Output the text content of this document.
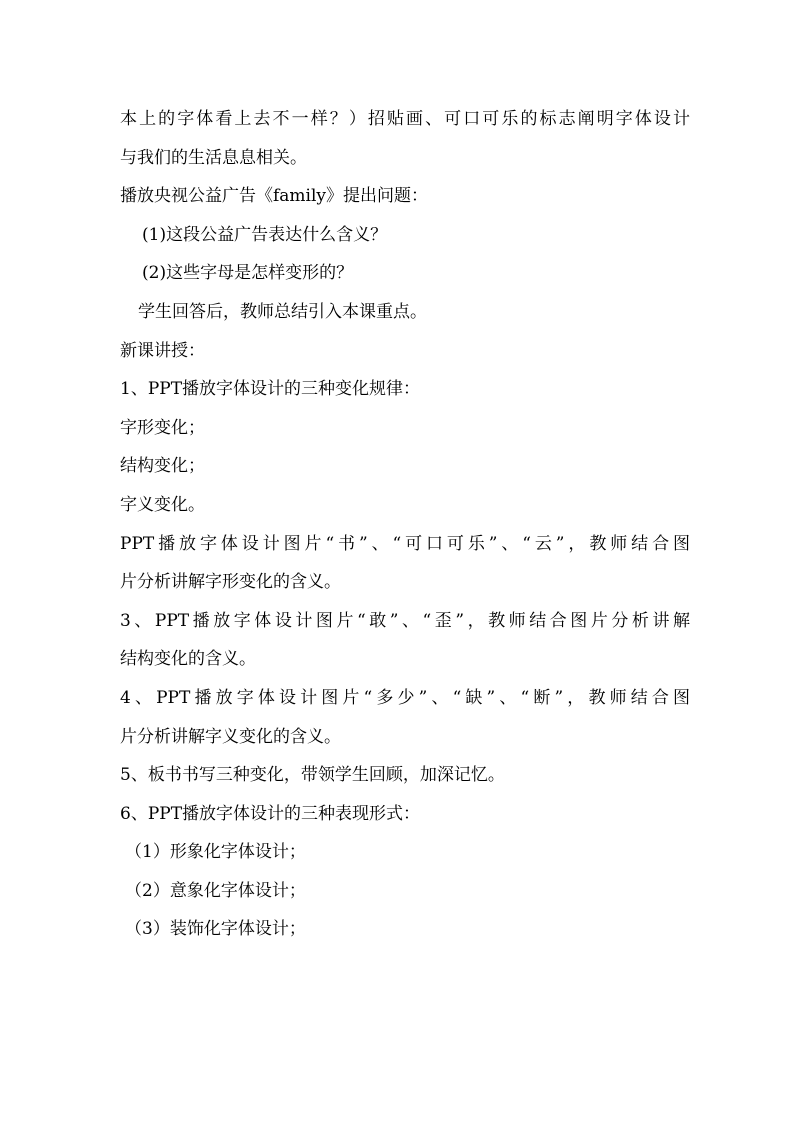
本上的字体看上去不一样？）招贴画、可口可乐的标志阐明字体设计
与我们的生活息息相关。
播放央视公益广告《family》提出问题：
(1)这段公益广告表达什么含义？
(2)这些字母是怎样变形的？
学生回答后，教师总结引入本课重点。
新课讲授：
1、PPT播放字体设计的三种变化规律：
字形变化；
结构变化；
字义变化。
PPT播放字体设计图片“书”、“可口可乐”、“云”，教师结合图
片分析讲解字形变化的含义。
3、PPT播放字体设计图片“敢”、“歪”，教师结合图片分析讲解
结构变化的含义。
4、PPT播放字体设计图片“多少”、“缺”、“断”，教师结合图
片分析讲解字义变化的含义。
5、板书书写三种变化，带领学生回顾，加深记忆。
6、PPT播放字体设计的三种表现形式：
（1）形象化字体设计；
（2）意象化字体设计；
（3）装饰化字体设计；
